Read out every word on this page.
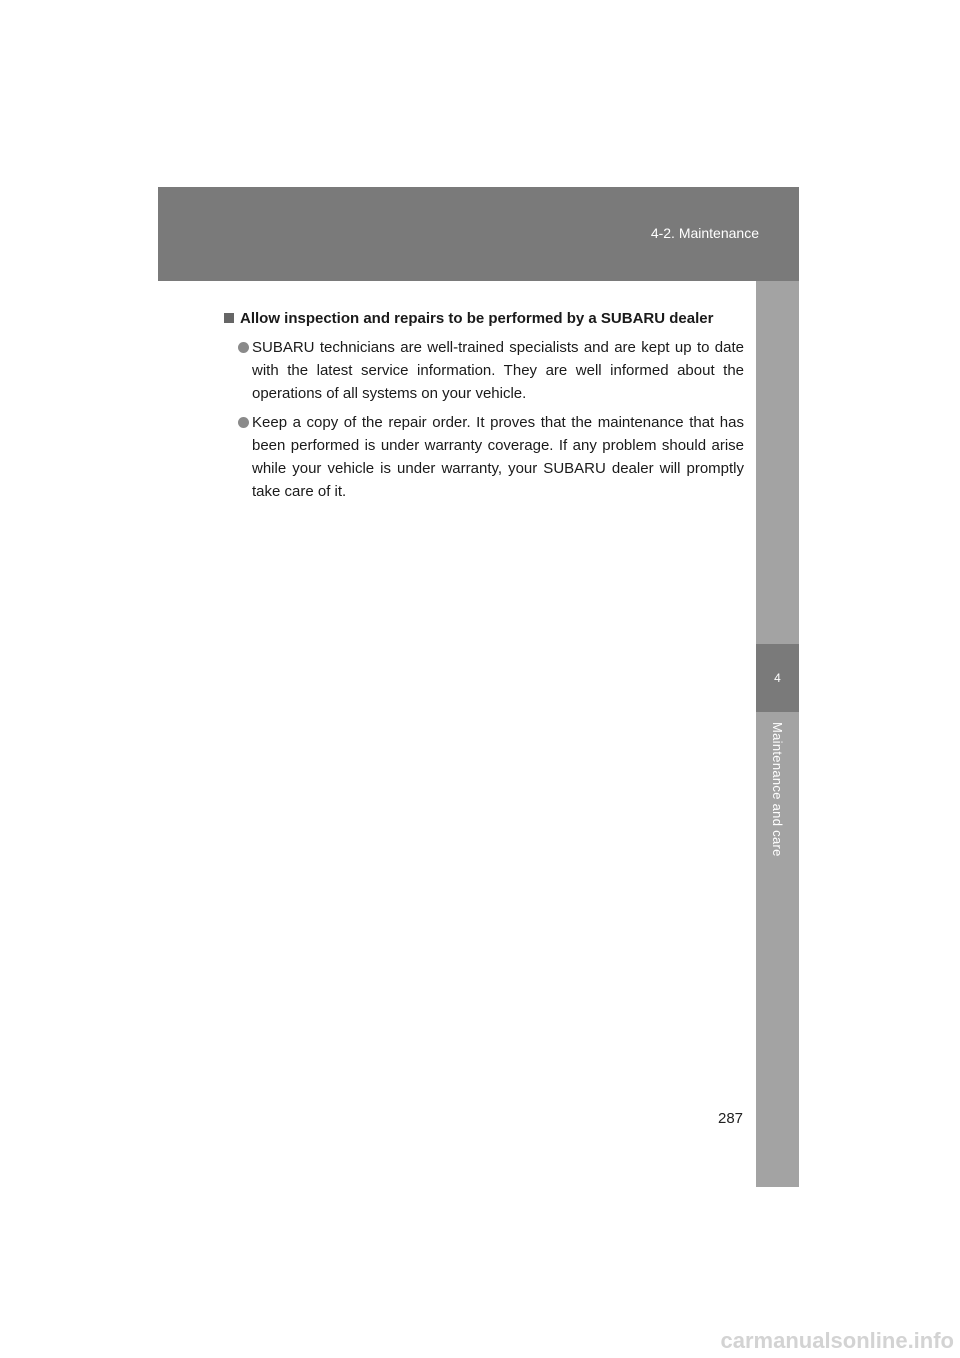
4-2. Maintenance
4
Maintenance and care
Allow inspection and repairs to be performed by a SUBARU dealer
SUBARU technicians are well-trained specialists and are kept up to date with the latest service information. They are well informed about the operations of all systems on your vehicle.
Keep a copy of the repair order. It proves that the maintenance that has been performed is under warranty coverage. If any problem should arise while your vehicle is under warranty, your SUBARU dealer will promptly take care of it.
287
carmanualsonline.info
